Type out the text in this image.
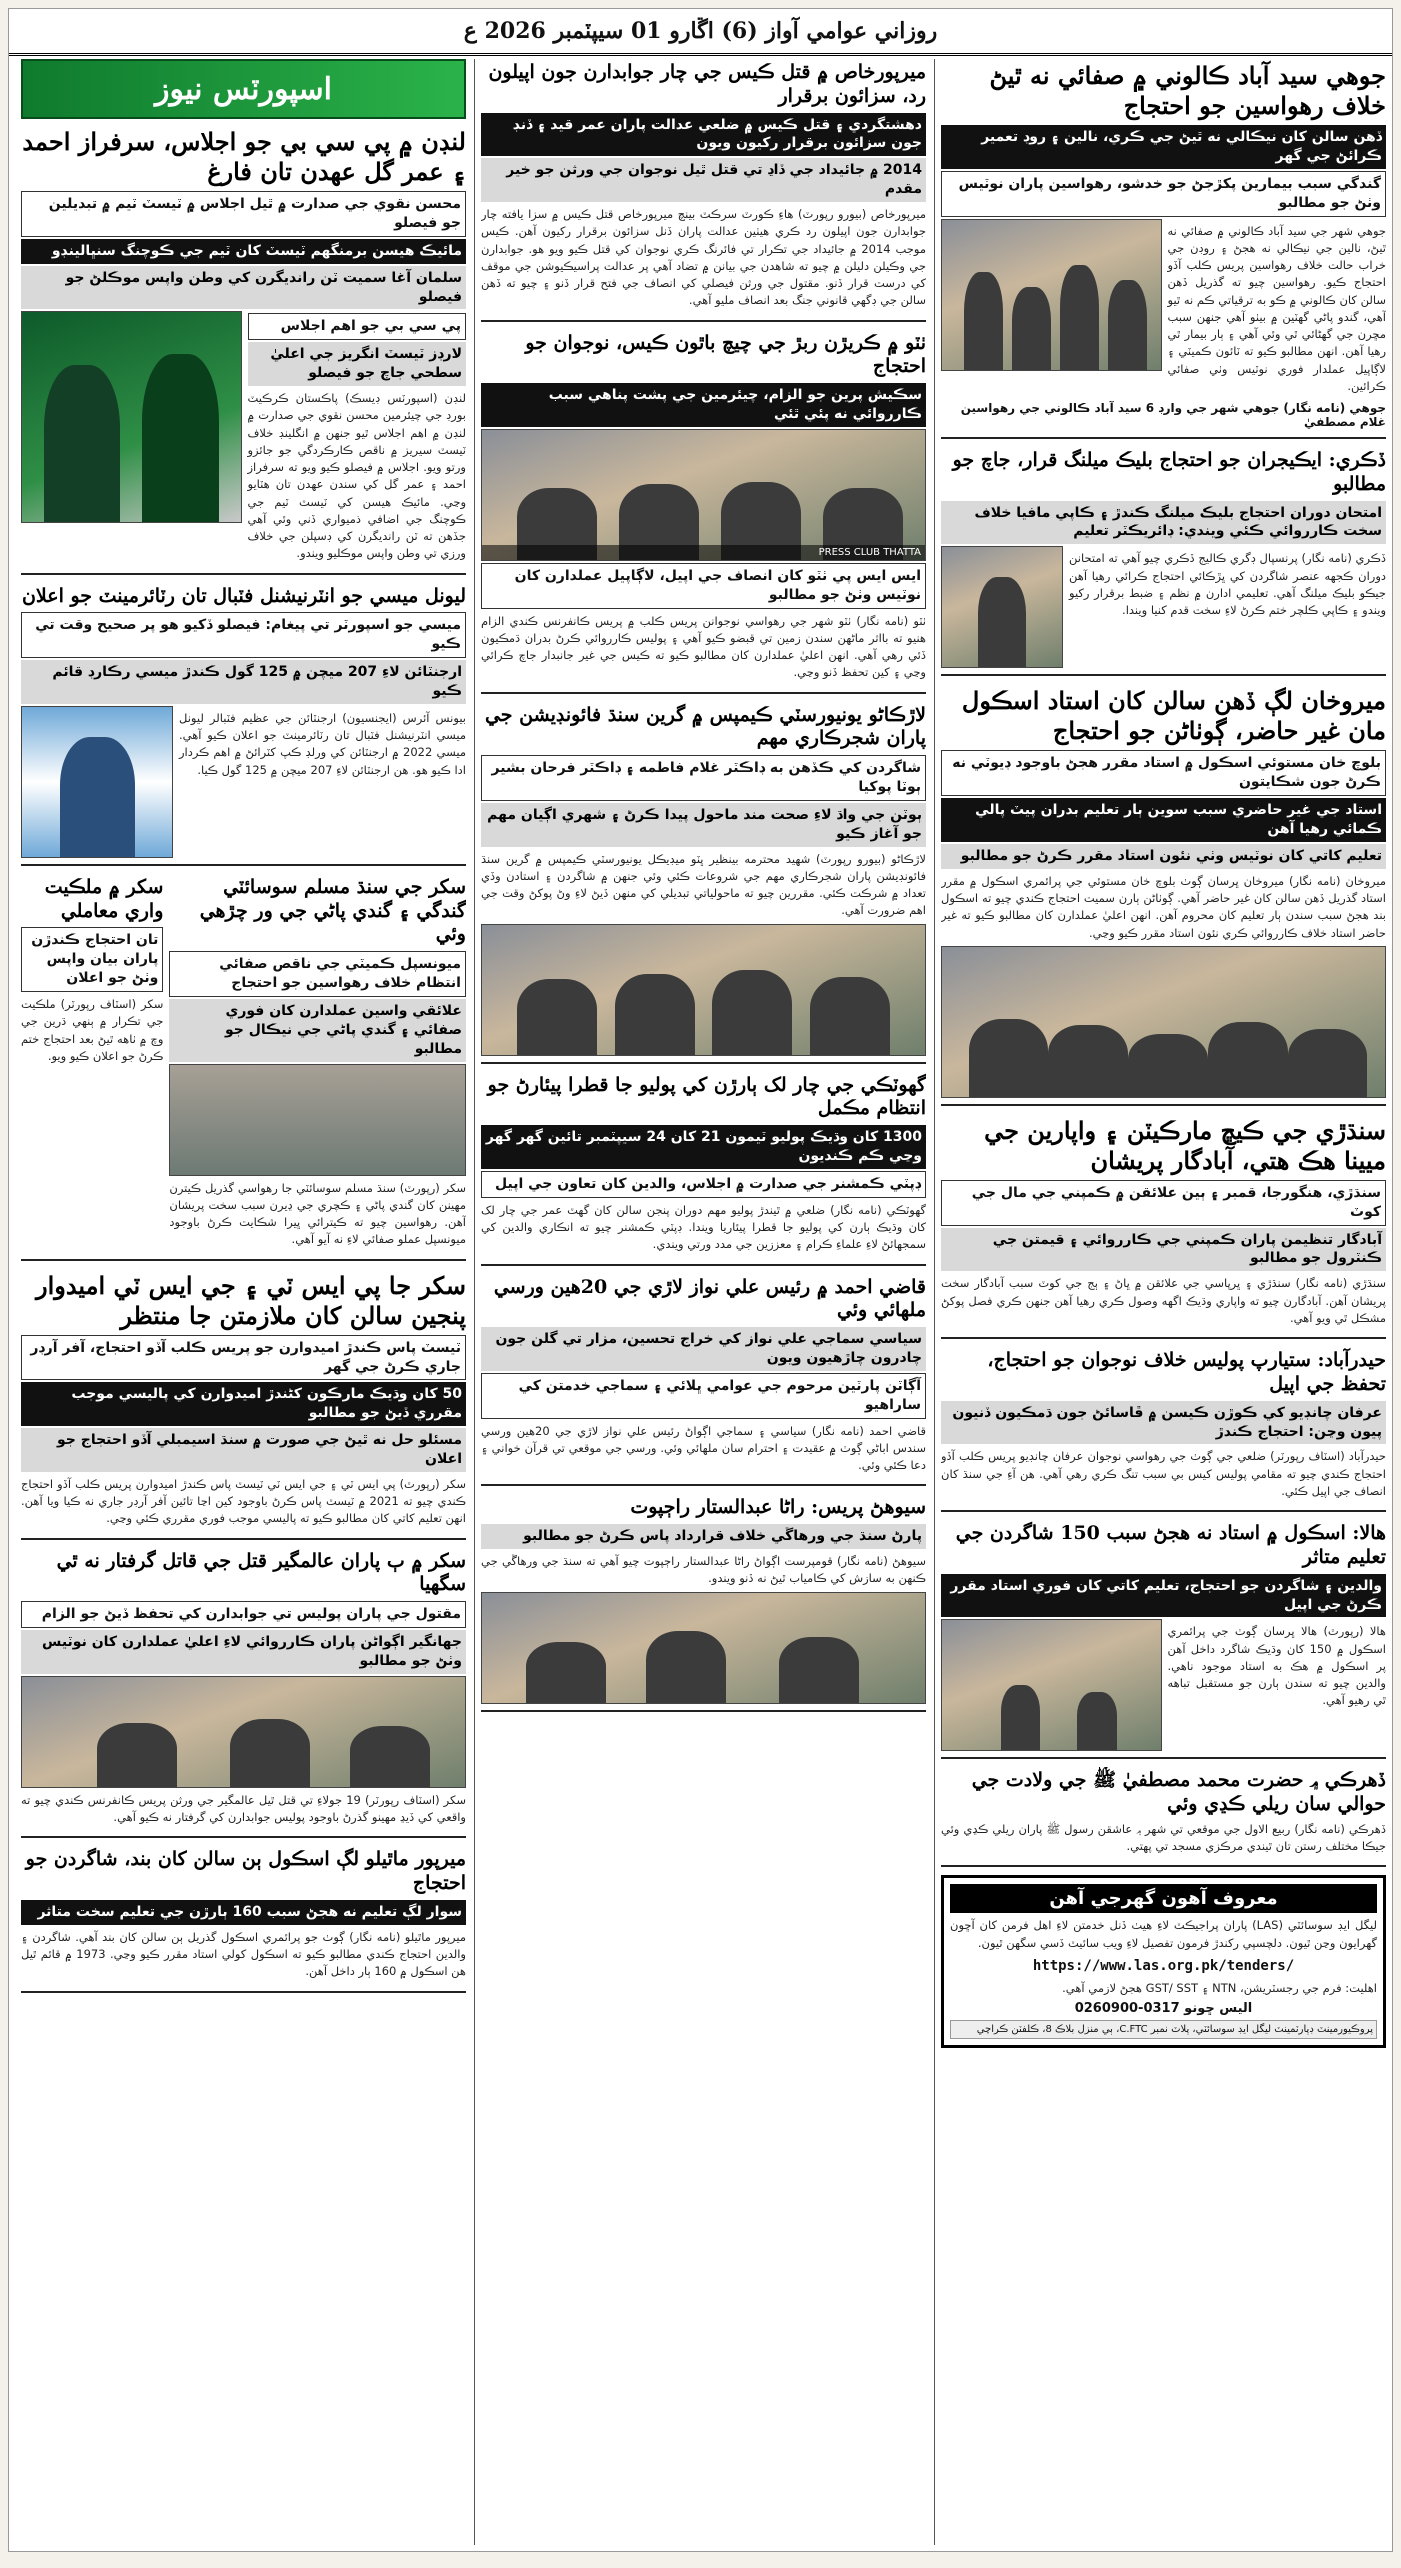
روزاني عوامي آواز (6) اڱارو 01 سيپٽمبر 2026 ع
جوهي سيد آباد ڪالوني ۾ صفائي نه ٿيڻ خلاف رهواسين جو احتجاج
ڏهن سالن کان نيڪالي نه ٿيڻ جي ڪري، نالين ۽ روڊ تعمير ڪرائڻ جي گهر
گندگي سبب بيمارين پکڙجڻ جو خدشو، رهواسين پاران نوٽيس وٺڻ جو مطالبو
جوهي شهر جي سيد آباد ڪالوني ۾ صفائي نه ٿيڻ، نالين جي نيڪالي نه هجڻ ۽ روڊن جي خراب حالت خلاف رهواسين پريس ڪلب آڏو احتجاج ڪيو. رهواسين چيو ته گذريل ڏهن سالن کان ڪالوني ۾ ڪو به ترقياتي ڪم نه ٿيو آهي، گندو پاڻي گهٽين ۾ بيٺو آهي جنهن سبب مڇرن جي گهڻائي ٿي وئي آهي ۽ ٻار بيمار ٿي رهيا آهن. انهن مطالبو ڪيو ته ٽائون ڪميٽي ۽ لاڳاپيل عملدار فوري نوٽيس وٺي صفائي ڪرائين.
جوهي (نامه نگار) جوهي شهر جي وارڊ 6 سيد آباد ڪالوني جي رهواسين غلام مصطفيٰ
ڏڪري: ايڪيجران جو احتجاج بليڪ ميلنگ قرار، جاچ جو مطالبو
امتحان دوران احتجاج بليڪ ميلنگ ڪندڙ ۽ ڪاپي مافيا خلاف سخت ڪارروائي ڪئي ويندي: ڊائريڪٽر تعليم
ڏڪري (نامه نگار) پرنسپال ڊگري ڪاليج ڏڪري چيو آهي ته امتحانن دوران ڪجهه عنصر شاگردن کي ڀڙڪائي احتجاج ڪرائي رهيا آهن جيڪو بليڪ ميلنگ آهي. تعليمي ادارن ۾ نظم ۽ ضبط برقرار رکيو ويندو ۽ ڪاپي ڪلچر ختم ڪرڻ لاءِ سخت قدم کنيا ويندا.
ميروخان لڳ ڏهن سالن کان استاد اسڪول مان غير حاضر، ڳوٺاڻن جو احتجاج
بلوچ خان مستوئي اسڪول ۾ استاد مقرر هجڻ باوجود ڊيوٽي نه ڪرڻ جون شڪايتون
استاد جي غير حاضري سبب سوين ٻار تعليم بدران پيٽ پالي ڪمائي رهيا آهن
تعليم کاتي کان نوٽيس وٺي نئون استاد مقرر ڪرڻ جو مطالبو
ميروخان (نامه نگار) ميروخان ڀرسان ڳوٺ بلوچ خان مستوئي جي پرائمري اسڪول ۾ مقرر استاد گذريل ڏهن سالن کان غير حاضر آهي. ڳوٺاڻن ٻارن سميت احتجاج ڪندي چيو ته اسڪول بند هجڻ سبب سندن ٻار تعليم کان محروم آهن. انهن اعليٰ عملدارن کان مطالبو ڪيو ته غير حاضر استاد خلاف ڪارروائي ڪري نئون استاد مقرر ڪيو وڃي.
سنڌڙي جي ڪيڇ مارڪيٽن ۽ واپارين جي ميينا هڪ هتي، آبادگار پريشان
سنڌڙي، هنگورجا، قمبر ۽ ٻين علائقن ۾ ڪمپني جي مال جي کوٽ
آبادگار تنظيمن پاران ڪمپني جي ڪارروائي ۽ قيمتن جي ڪنٽرول جو مطالبو
سنڌڙي (نامه نگار) سنڌڙي ۽ ڀرپاسي جي علائقن ۾ ڀاڻ ۽ ٻج جي کوٽ سبب آبادگار سخت پريشان آهن. آبادگارن چيو ته واپاري وڌيڪ اگهه وصول ڪري رهيا آهن جنهن ڪري فصل پوکڻ مشڪل ٿي ويو آهي.
حيدرآباد: ستيارپ پوليس خلاف نوجوان جو احتجاج، تحفظ جي اپيل
عرفان چانڊيو کي ڪوڙن ڪيسن ۾ ڦاسائڻ جون ڌمڪيون ڏنيون پيون وڃن: احتجاج ڪندڙ
حيدرآباد (اسٽاف رپورٽر) ضلعي جي ڳوٺ جي رهواسي نوجوان عرفان چانڊيو پريس ڪلب آڏو احتجاج ڪندي چيو ته مقامي پوليس کيس بي سبب تنگ ڪري رهي آهي. هن آءِ جي سنڌ کان انصاف جي اپيل ڪئي.
هالا: اسڪول ۾ استاد نه هجڻ سبب 150 شاگردن جي تعليم متاثر
والدين ۽ شاگردن جو احتجاج، تعليم کاتي کان فوري استاد مقرر ڪرڻ جي اپيل
هالا (رپورٽ) هالا ڀرسان ڳوٺ جي پرائمري اسڪول ۾ 150 کان وڌيڪ شاگرد داخل آهن پر اسڪول ۾ هڪ به استاد موجود ناهي. والدين چيو ته سندن ٻارن جو مستقبل تباهه ٿي رهيو آهي.
ڏهرڪي ۾ حضرت محمد مصطفيٰ ﷺ جي ولادت جي حوالي سان ريلي ڪڍي وئي
ڏهرڪي (نامه نگار) ربيع الاول جي موقعي تي شهر ۾ عاشقن رسول ﷺ پاران ريلي ڪڍي وئي جيڪا مختلف رستن تان ٿيندي مرڪزي مسجد تي پهتي.
معروف آهون گهرجي آهن
ليگل ايڊ سوسائٽي (LAS) پاران پراجيڪٽ لاءِ هيٺ ڏنل خدمتن لاءِ اهل فرمن کان آڇون گهرايون وڃن ٿيون. دلچسپي رکندڙ فرمون تفصيل لاءِ ويب سائيٽ ڏسي سگهن ٿيون.
https://www.las.org.pk/tenders/
اهليت: فرم جي رجسٽريشن، NTN ۽ GST/ SST هجڻ لازمي آهي.
اليس ڇونو 0317-0260900
پروڪيورمينٽ ڊپارٽمينٽ ليگل ايڊ سوسائٽي، پلاٽ نمبر C.FTC، ٻي منزل بلاڪ 8، ڪلفٽن ڪراچي
ميرپورخاص ۾ قتل ڪيس جي چار جوابدارن جون اپيلون رد، سزائون برقرار
دهشتگردي ۽ قتل ڪيس ۾ ضلعي عدالت پاران عمر قيد ۽ ڏنڊ جون سزائون برقرار رکيون ويون
2014 ۾ جائيداد جي ڏاڍ تي قتل ٿيل نوجوان جي ورثن جو خير مقدم
ميرپورخاص (بيورو رپورٽ) هاءِ ڪورٽ سرڪٽ بينچ ميرپورخاص قتل ڪيس ۾ سزا يافته چار جوابدارن جون اپيلون رد ڪري هيٺين عدالت پاران ڏنل سزائون برقرار رکيون آهن. ڪيس موجب 2014 ۾ جائيداد جي تڪرار تي فائرنگ ڪري نوجوان کي قتل ڪيو ويو هو. جوابدارن جي وڪيلن دليلن ۾ چيو ته شاهدن جي بيانن ۾ تضاد آهي پر عدالت پراسيڪيوشن جي موقف کي درست قرار ڏنو. مقتول جي ورثن فيصلي کي انصاف جي فتح قرار ڏنو ۽ چيو ته ڏهن سالن جي ڊگهي قانوني جنگ بعد انصاف مليو آهي.
ٺٽو ۾ ڪريڙن ربڙ جي چيچ باٿون ڪيس، نوجوان جو احتجاج
سڪيش پرين جو الزام، چيئرمين جي پشت پناهي سبب ڪارروائي نه پئي ٿئي
PRESS CLUB THATTA
ايس ايس پي ٺٽو کان انصاف جي اپيل، لاڳاپيل عملدارن کان نوٽيس وٺڻ جو مطالبو
ٺٽو (نامه نگار) ٺٽو شهر جي رهواسي نوجوانن پريس ڪلب ۾ پريس ڪانفرنس ڪندي الزام هنيو ته بااثر ماڻهن سندن زمين تي قبضو ڪيو آهي ۽ پوليس ڪارروائي ڪرڻ بدران ڌمڪيون ڏئي رهي آهي. انهن اعليٰ عملدارن کان مطالبو ڪيو ته ڪيس جي غير جانبدار جاچ ڪرائي وڃي ۽ کين تحفظ ڏنو وڃي.
لاڙڪاڻو يونيورسٽي ڪيمپس ۾ گرين سنڌ فائونڊيشن جي پاران شجرڪاري مهم
شاگردن کي ڪڏهن به ڊاڪٽر غلام فاطمه ۽ ڊاڪٽر فرحان بشير ٻوٽا پوکيا
ٻوٽن جي واڌ لاءِ صحت مند ماحول پيدا ڪرڻ ۽ شهري اڳيان مهم جو آغاز ڪيو
لاڙڪاڻو (بيورو رپورٽ) شهيد محترمه بينظير ڀٽو ميڊيڪل يونيورسٽي ڪيمپس ۾ گرين سنڌ فائونڊيشن پاران شجرڪاري مهم جي شروعات ڪئي وئي جنهن ۾ شاگردن ۽ استادن وڏي تعداد ۾ شرڪت ڪئي. مقررين چيو ته ماحولياتي تبديلي کي منهن ڏيڻ لاءِ وڻ پوکڻ وقت جي اهم ضرورت آهي.
گهوٽڪي جي چار لک ٻارڙن کي پوليو جا قطرا پيئارڻ جو انتظام مڪمل
1300 کان وڌيڪ پوليو ٽيمون 21 کان 24 سيپٽمبر تائين گهر گهر وڃي ڪم ڪنديون
ڊپٽي ڪمشنر جي صدارت ۾ اجلاس، والدين کان تعاون جي اپيل
گهوٽڪي (نامه نگار) ضلعي ۾ ٿيندڙ پوليو مهم دوران پنجن سالن کان گهٽ عمر جي چار لک کان وڌيڪ ٻارن کي پوليو جا قطرا پيئاريا ويندا. ڊپٽي ڪمشنر چيو ته انڪاري والدين کي سمجهائڻ لاءِ علماءِ ڪرام ۽ معززين جي مدد ورتي ويندي.
قاضي احمد ۾ رئيس علي نواز لاڙي جي 20هين ورسي ملهائي وئي
سياسي سماجي علي نواز کي خراج تحسين، مزار تي گلن جون چادرون چاڙهيون ويون
آڳاٽن پارٽين مرحوم جي عوامي ڀلائي ۽ سماجي خدمتن کي ساراهيو
قاضي احمد (نامه نگار) سياسي ۽ سماجي اڳواڻ رئيس علي نواز لاڙي جي 20هين ورسي سندس اباڻي ڳوٺ ۾ عقيدت ۽ احترام سان ملهائي وئي. ورسي جي موقعي تي قرآن خواني ۽ دعا ڪئي وئي.
سيوهڻ پريس: راڻا عبدالستار راڄپوت
پارڻ سنڌ جي ورهاڱي خلاف قرارداد پاس ڪرڻ جو مطالبو
سيوهڻ (نامه نگار) قومپرست اڳواڻ راڻا عبدالستار راڄپوت چيو آهي ته سنڌ جي ورهاڱي جي ڪنهن به سازش کي ڪامياب ٿيڻ نه ڏنو ويندو.
اسپورٽس نيوز
لنڊن ۾ پي سي بي جو اجلاس، سرفراز احمد ۽ عمر گل عهدن تان فارغ
محسن نقوي جي صدارت ۾ ٿيل اجلاس ۾ ٽيسٽ ٽيم ۾ تبديلين جو فيصلو
مائيڪ هيسن برمنگهم ٽيسٽ کان ٽيم جي ڪوچنگ سنڀالينڊو
سلمان آغا سميت ٽن رانديگرن کي وطن واپس موڪلڻ جو فيصلو
پي سي بي جو اهم اجلاس
لارڊز ٽيسٽ انگريز جي اعليٰ سطحي جاچ جو فيصلو
لنڊن (اسپورٽس ڊيسڪ) پاڪستان ڪرڪيٽ بورڊ جي چيئرمين محسن نقوي جي صدارت ۾ لنڊن ۾ اهم اجلاس ٿيو جنهن ۾ انگلينڊ خلاف ٽيسٽ سيريز ۾ ناقص ڪارڪردگي جو جائزو ورتو ويو. اجلاس ۾ فيصلو ڪيو ويو ته سرفراز احمد ۽ عمر گل کي سندن عهدن تان هٽايو وڃي. مائيڪ هيسن کي ٽيسٽ ٽيم جي ڪوچنگ جي اضافي ذميواري ڏني وئي آهي جڏهن ته ٽن رانديگرن کي ڊسپلن جي خلاف ورزي تي وطن واپس موڪليو ويندو.
ليونل ميسي جو انٽرنيشنل فٽبال تان رٽائرمينٽ جو اعلان
ميسي جو اسپورٽر تي پيغام: فيصلو ڏکيو هو پر صحيح وقت تي ڪيو
ارجنٽائن لاءِ 207 ميچن ۾ 125 گول ڪندڙ ميسي رڪارڊ قائم ڪيو
بيونس آئرس (ايجنسيون) ارجنٽائن جي عظيم فٽبالر ليونل ميسي انٽرنيشنل فٽبال تان رٽائرمينٽ جو اعلان ڪيو آهي. ميسي 2022 ۾ ارجنٽائن کي ورلڊ ڪپ کٽرائڻ ۾ اهم ڪردار ادا ڪيو هو. هن ارجنٽائن لاءِ 207 ميچن ۾ 125 گول ڪيا.
سکر جي سنڌ مسلم سوسائٽي گندگي ۽ گندي پاڻي جي ور چڙهي وئي
ميونسپل ڪميٽي جي ناقص صفائي انتظام خلاف رهواسين جو احتجاج
علائقي واسين عملدارن کان فوري صفائي ۽ گندي پاڻي جي نيڪال جو مطالبو
سکر (رپورٽ) سنڌ مسلم سوسائٽي جا رهواسي گذريل ڪيترن مهينن کان گندي پاڻي ۽ ڪچري جي ڍيرن سبب سخت پريشان آهن. رهواسين چيو ته ڪيترائي ڀيرا شڪايت ڪرڻ باوجود ميونسپل عملو صفائي لاءِ نه آيو آهي.
سکر ۾ ملڪيت واري معاملي
تان احتجاج ڪندڙن پاران بيان واپس وٺڻ جو اعلان
سکر (اسٽاف رپورٽر) ملڪيت جي تڪرار ۾ ٻنهي ڌرين جي وچ ۾ ٺاهه ٿيڻ بعد احتجاج ختم ڪرڻ جو اعلان ڪيو ويو.
سکر جا پي ايس ٽي ۽ جي ايس ٽي اميدوار پنجين سالن کان ملازمتن جا منتظر
ٽيسٽ پاس ڪندڙ اميدوارن جو پريس ڪلب آڏو احتجاج، آفر آرڊر جاري ڪرڻ جي گهر
50 کان وڌيڪ مارڪون کڻندڙ اميدوارن کي پاليسي موجب مقرري ڏيڻ جو مطالبو
مسئلو حل نه ٿيڻ جي صورت ۾ سنڌ اسيمبلي آڏو احتجاج جو اعلان
سکر (رپورٽ) پي ايس ٽي ۽ جي ايس ٽي ٽيسٽ پاس ڪندڙ اميدوارن پريس ڪلب آڏو احتجاج ڪندي چيو ته 2021 ۾ ٽيسٽ پاس ڪرڻ باوجود کين اڃا تائين آفر آرڊر جاري نه ڪيا ويا آهن. انهن تعليم کاتي کان مطالبو ڪيو ته پاليسي موجب فوري مقرري ڪئي وڃي.
سکر ۾ ٻ پاران عالمگير قتل جي قاتل گرفتار نه ٿي سگهيا
مقتول جي پاران پوليس تي جوابدارن کي تحفظ ڏيڻ جو الزام
جهانگير اڳواڻن پاران ڪارروائي لاءِ اعليٰ عملدارن کان نوٽيس وٺڻ جو مطالبو
سکر (اسٽاف رپورٽر) 19 جولاءِ تي قتل ٿيل عالمگير جي ورثن پريس ڪانفرنس ڪندي چيو ته واقعي کي ڏيڍ مهينو گذرڻ باوجود پوليس جوابدارن کي گرفتار نه ڪيو آهي.
ميرپور ماٿيلو لڳ اسڪول ٻن سالن کان بند، شاگردن جو احتجاج
سوار لڳ تعليم نه هجڻ سبب 160 ٻارڙن جي تعليم سخت متاثر
ميرپور ماٿيلو (نامه نگار) ڳوٺ جو پرائمري اسڪول گذريل ٻن سالن کان بند آهي. شاگردن ۽ والدين احتجاج ڪندي مطالبو ڪيو ته اسڪول کولي استاد مقرر ڪيو وڃي. 1973 ۾ قائم ٿيل هن اسڪول ۾ 160 ٻار داخل آهن.
